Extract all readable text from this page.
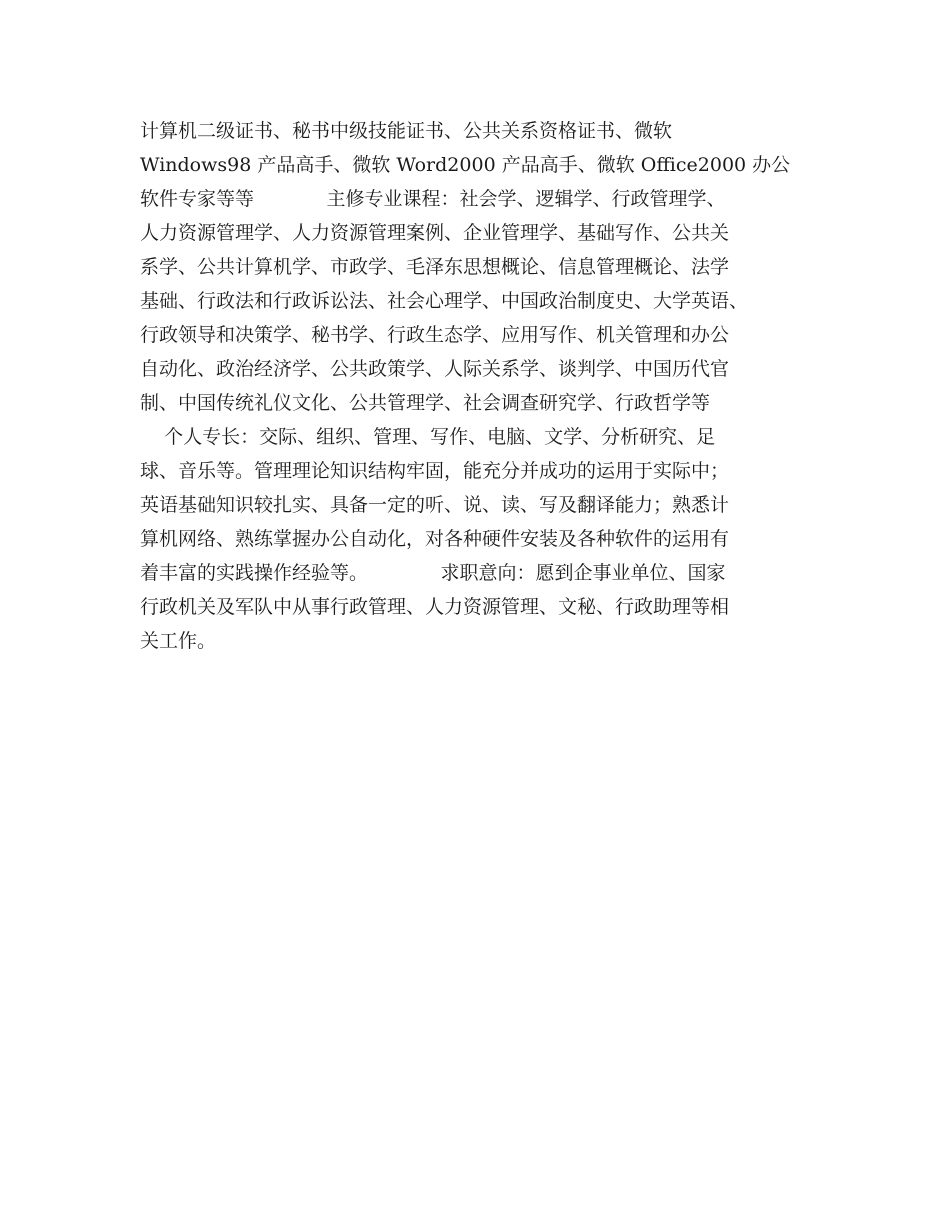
计算机二级证书、秘书中级技能证书、公共关系资格证书、微软
Windows98 产品高手、微软 Word2000 产品高手、微软 Office2000 办公
软件专家等等            主修专业课程：社会学、逻辑学、行政管理学、
人力资源管理学、人力资源管理案例、企业管理学、基础写作、公共关
系学、公共计算机学、市政学、毛泽东思想概论、信息管理概论、法学
基础、行政法和行政诉讼法、社会心理学、中国政治制度史、大学英语、
行政领导和决策学、秘书学、行政生态学、应用写作、机关管理和办公
自动化、政治经济学、公共政策学、人际关系学、谈判学、中国历代官
制、中国传统礼仪文化、公共管理学、社会调查研究学、行政哲学等
个人专长：交际、组织、管理、写作、电脑、文学、分析研究、足
球、音乐等。管理理论知识结构牢固，能充分并成功的运用于实际中；
英语基础知识较扎实、具备一定的听、说、读、写及翻译能力；熟悉计
算机网络、熟练掌握办公自动化，对各种硬件安装及各种软件的运用有
着丰富的实践操作经验等。            求职意向：愿到企事业单位、国家
行政机关及军队中从事行政管理、人力资源管理、文秘、行政助理等相
关工作。
